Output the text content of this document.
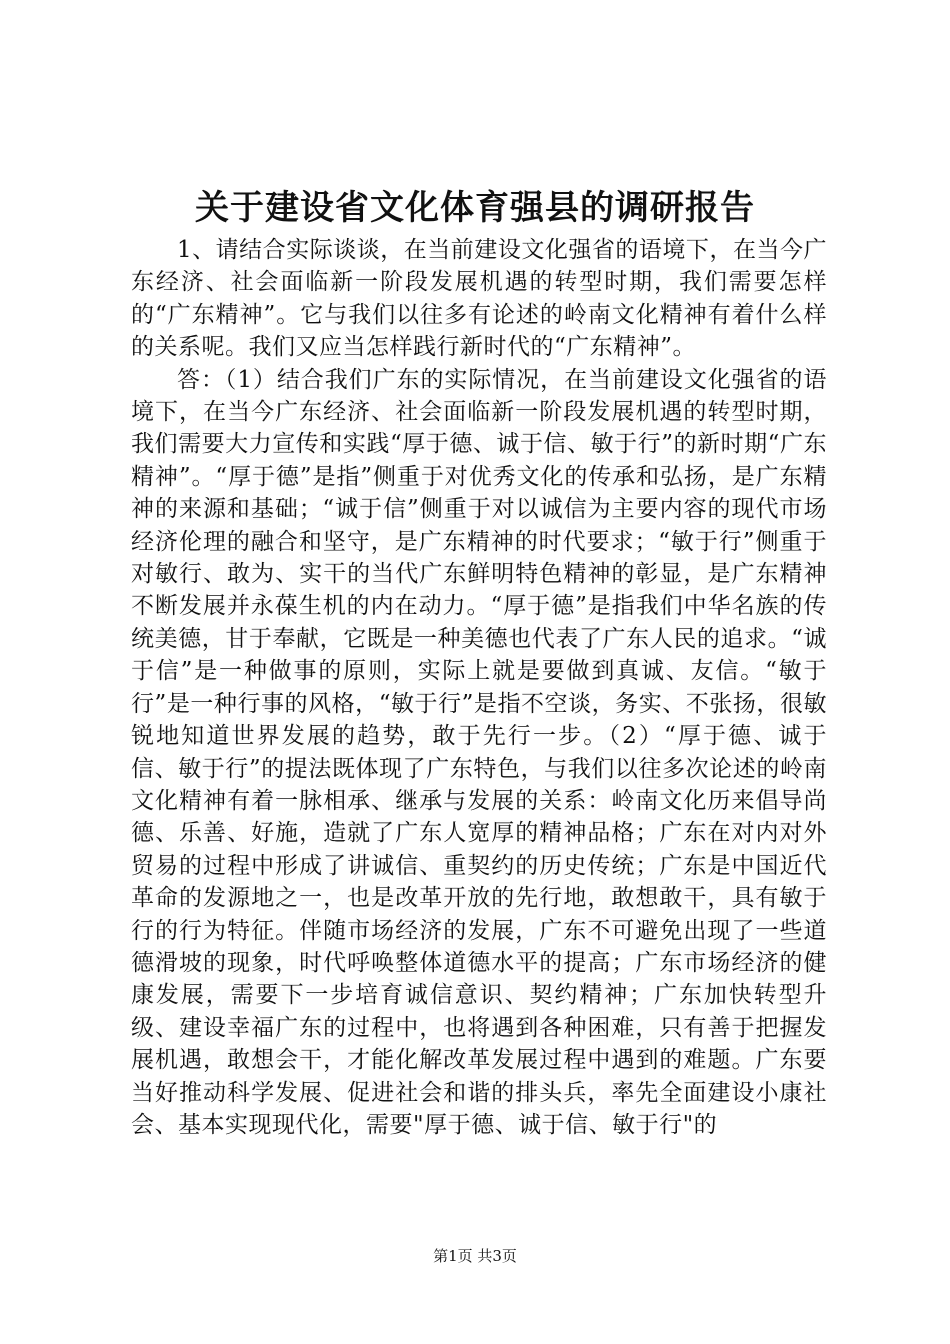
关于建设省文化体育强县的调研报告

1、请结合实际谈谈，在当前建设文化强省的语境下，在当今广东经济、社会面临新一阶段发展机遇的转型时期，我们需要怎样的“广东精神”。它与我们以往多有论述的岭南文化精神有着什么样的关系呢。我们又应当怎样践行新时代的“广东精神”。

答：（1）结合我们广东的实际情况，在当前建设文化强省的语境下，在当今广东经济、社会面临新一阶段发展机遇的转型时期，我们需要大力宣传和实践“厚于德、诚于信、敏于行”的新时期“广东精神”。“厚于德”是指”侧重于对优秀文化的传承和弘扬，是广东精神的来源和基础；“诚于信”侧重于对以诚信为主要内容的现代市场经济伦理的融合和坚守，是广东精神的时代要求；“敏于行”侧重于对敏行、敢为、实干的当代广东鲜明特色精神的彰显，是广东精神不断发展并永葆生机的内在动力。“厚于德”是指我们中华名族的传统美德，甘于奉献，它既是一种美德也代表了广东人民的追求。“诚于信”是一种做事的原则，实际上就是要做到真诚、友信。“敏于行”是一种行事的风格，“敏于行”是指不空谈，务实、不张扬，很敏锐地知道世界发展的趋势，敢于先行一步。（2）“厚于德、诚于信、敏于行”的提法既体现了广东特色，与我们以往多次论述的岭南文化精神有着一脉相承、继承与发展的关系：岭南文化历来倡导尚德、乐善、好施，造就了广东人宽厚的精神品格；广东在对内对外贸易的过程中形成了讲诚信、重契约的历史传统；广东是中国近代革命的发源地之一，也是改革开放的先行地，敢想敢干，具有敏于行的行为特征。伴随市场经济的发展，广东不可避免出现了一些道德滑坡的现象，时代呼唤整体道德水平的提高；广东市场经济的健康发展，需要下一步培育诚信意识、契约精神；广东加快转型升级、建设幸福广东的过程中，也将遇到各种困难，只有善于把握发展机遇，敢想会干，才能化解改革发展过程中遇到的难题。广东要当好推动科学发展、促进社会和谐的排头兵，率先全面建设小康社会、基本实现现代化，需要"厚于德、诚于信、敏于行"的

第1页 共3页
